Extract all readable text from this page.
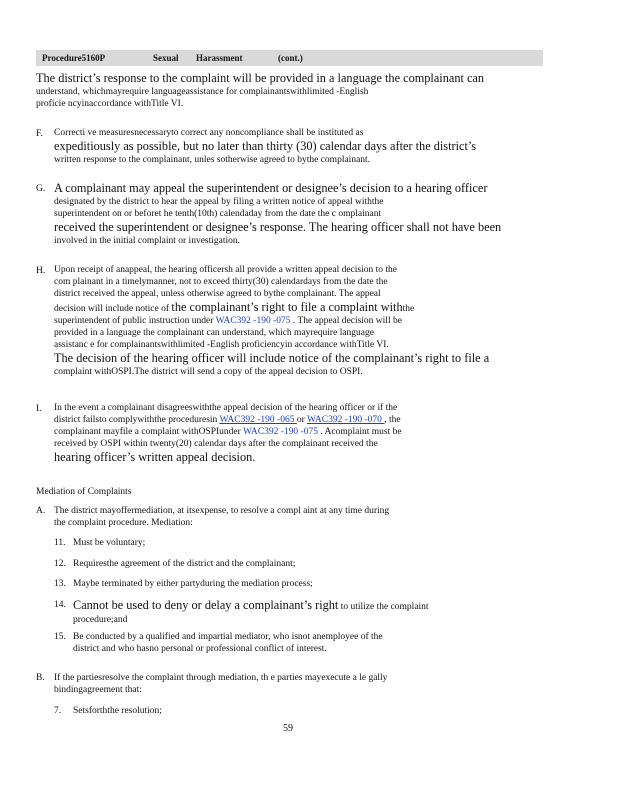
Procedure5160P	Sexual Harassment	(cont.)
The district’s response to the complaint will be provided in a language the complainant can
understand, whichmayrequire languageassistance for complainantswithlimited -English
proficie ncyinaccordance withTitle VI.
F. Correcti ve measuresnecessaryto correct any noncompliance shall be instituted as
expeditiously as possible, but no later than thirty (30) calendar days after the district’s
written response to the complainant, unles sotherwise agreed to bythe complainant.
G. A complainant may appeal the superintendent or designee’s decision to a hearing officer
designated by the district to hear the appeal by filing a written notice of appeal withthe
superintendent on or beforet he tenth(10th) calendaday from the date the c omplainant
received the superintendent or designee’s response. The hearing officer shall not have been
involved in the initial complaint or investigation.
H. Upon receipt of anappeal, the hearing officersh all provide a written appeal decision to the
com plainant in a timelymanner, not to exceed thirty(30) calendardays from the date the
district received the appeal, unless otherwise agreed to bythe complainant. The appeal
decision will include notice of the complainant’s right to file a complaint withthe
superintendent of public instruction under WAC392 -190 -075 . The appeal decision will be
provided in a language the complainant can understand, which mayrequire language
assistanc e for complainantswithlimited -English proficiencyin accordance withTitle VI.
The decision of the hearing officer will include notice of the complainant’s right to file a
complaint withOSPI.The district will send a copy of the appeal decision to OSPI.
I. In the event a complainant disagreeswiththe appeal decision of the hearing officer or if the
district failsto complywiththe proceduresin WAC392 -190 -065 or WAC392 -190 -070 , the
complainant mayfile a complaint withOSPIunder WAC392 -190 -075 . Acomplaint must be
received by OSPI within twenty(20) calendar days after the complainant received the
hearing officer’s written appeal decision.
Mediation of Complaints
A. The district mayoffermediation, at itsexpense, to resolve a compl aint at any time during
the complaint procedure. Mediation:
11. Must be voluntary;
12. Requiresthe agreement of the district and the complainant;
13. Maybe terminated by either partyduring the mediation process;
14. Cannot be used to deny or delay a complainant’s right to utilize the complaint
procedure;and
15. Be conducted by a qualified and impartial mediator, who isnot anemployee of the
district and who hasno personal or professional conflict of interest.
B. If the partiesresolve the complaint through mediation, th e parties mayexecute a le gally
bindingagreement that:
7. Setsforththe resolution;
59
